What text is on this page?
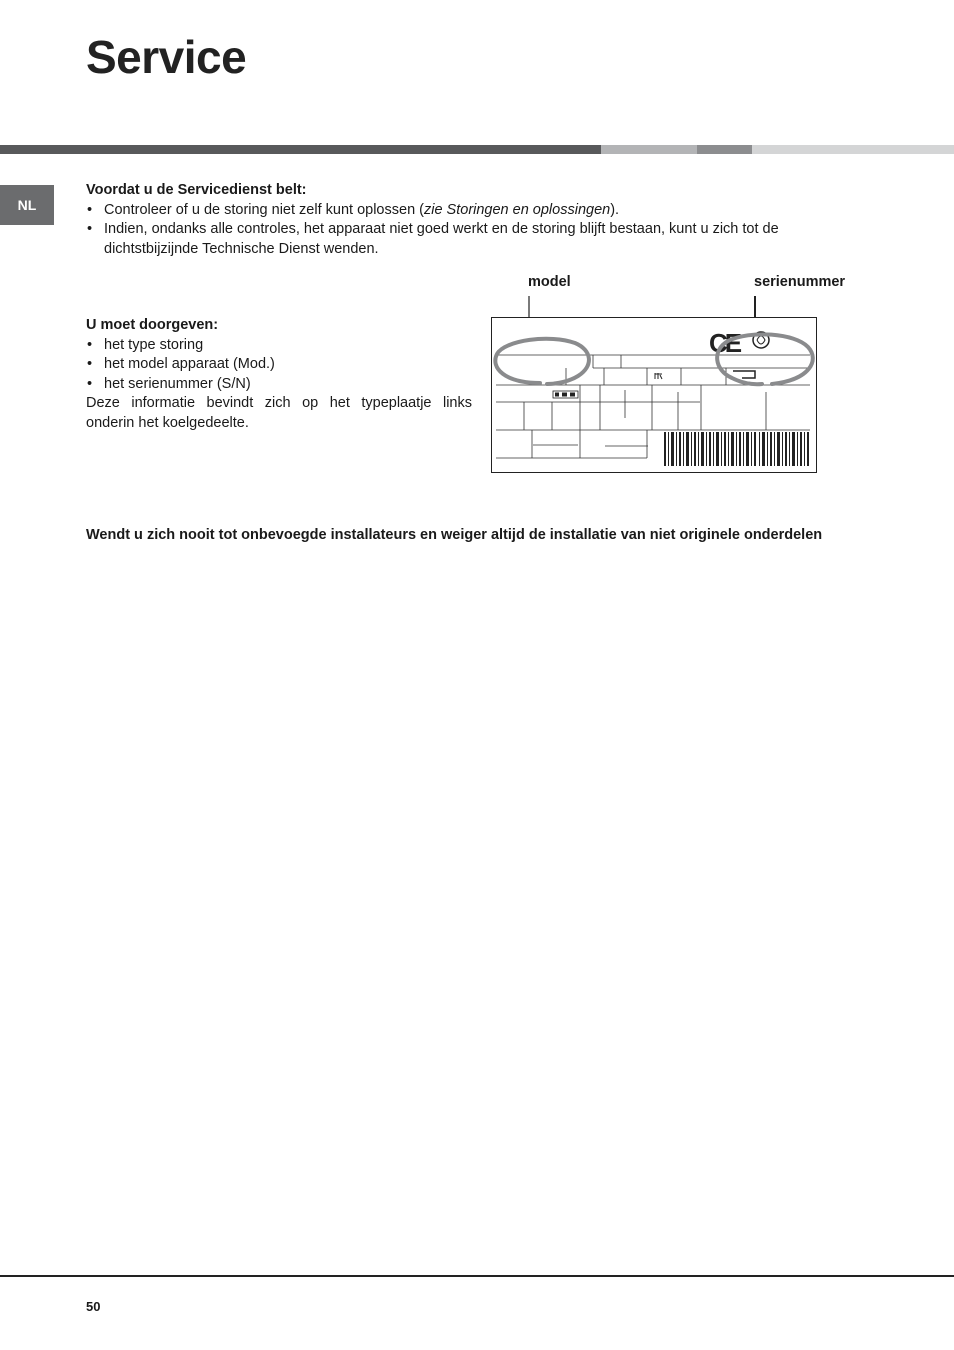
Service
NL

Voordat u de Servicedienst belt:

• Controleer of u de storing niet zelf kunt oplossen (zie Storingen en oplossingen).
• Indien, ondanks alle controles, het apparaat niet goed werkt en de storing blijft bestaan, kunt u zich tot de dichtstbijzijnde Technische Dienst wenden.

U moet doorgeven:

• het type storing
• het model apparaat (Mod.)
• het serienummer (S/N)

Deze informatie bevindt zich op het typeplaatje links onderin het koelgedeelte.

model	serienummer
CE
Wendt u zich nooit tot onbevoegde installateurs en weiger altijd de installatie van niet originele onderdelen
50
